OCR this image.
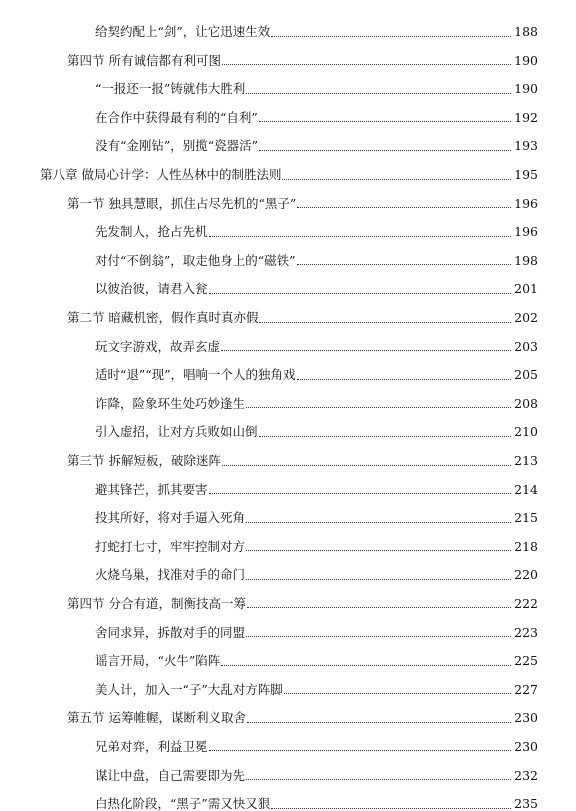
给契约配上“剑”，让它迅速生效	188
第四节 所有诚信都有利可图	190
“一报还一报”铸就伟大胜利	190
在合作中获得最有利的“自利”	192
没有“金刚钻”，别揽“瓷器活”	193
第八章 做局心计学：人性丛林中的制胜法则	195
第一节 独具慧眼，抓住占尽先机的“黑子”	196
先发制人，抢占先机	196
对付“不倒翁”，取走他身上的“磁铁”	198
以彼治彼，请君入瓮	201
第二节 暗藏机密，假作真时真亦假	202
玩文字游戏，故弄玄虚	203
适时“退”“现”，唱响一个人的独角戏	205
诈降，险象环生处巧妙逢生	208
引入虚招，让对方兵败如山倒	210
第三节 拆解短板，破除迷阵	213
避其锋芒，抓其要害	214
投其所好，将对手逼入死角	215
打蛇打七寸，牢牢控制对方	218
火烧乌巢，找准对手的命门	220
第四节 分合有道，制衡技高一筹	222
舍同求异，拆散对手的同盟	223
谣言开局，“火牛”陷阵	225
美人计，加入一“子”大乱对方阵脚	227
第五节 运筹帷幄，谋断利义取舍	230
兄弟对弈，利益卫冕	230
谋让中盘，自己需要即为先	232
白热化阶段，“黑子”需又快又狠	235
